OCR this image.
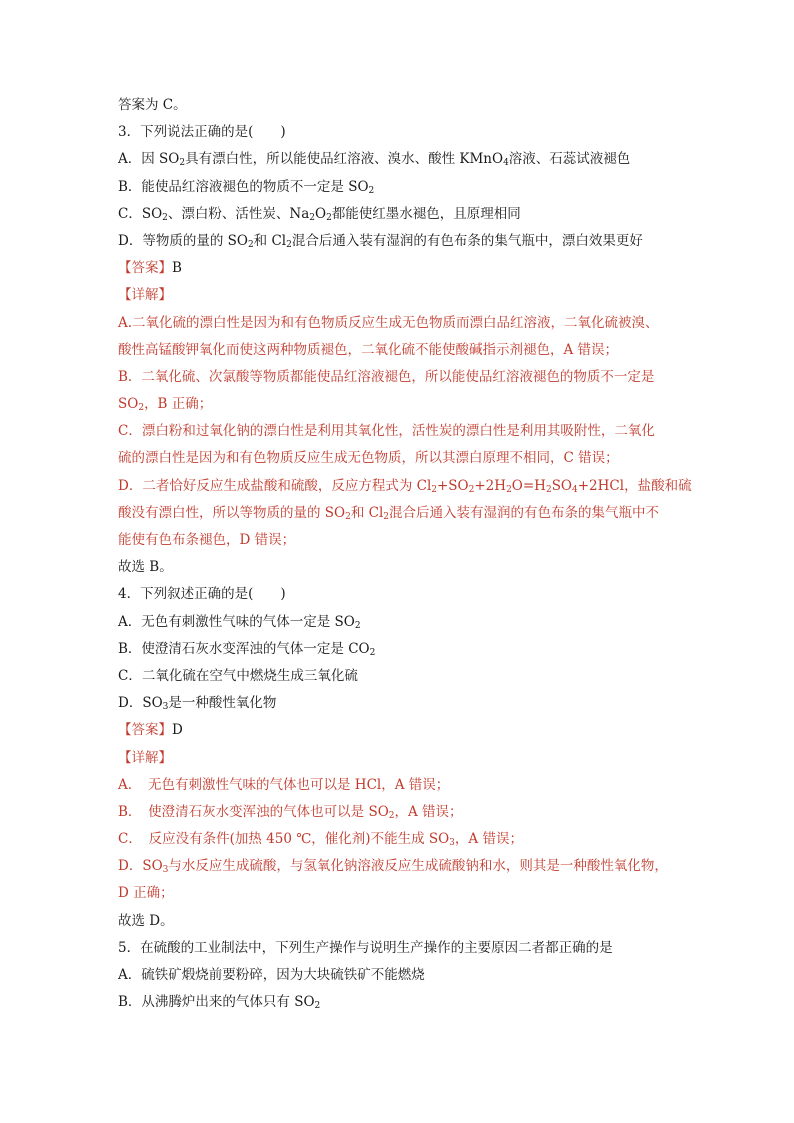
答案为 C。
3．下列说法正确的是(　　)
A．因 $SO_2$具有漂白性，所以能使品红溶液、溴水、酸性 KMnO$_4$溶液、石蕊试液褪色
B．能使品红溶液褪色的物质不一定是 $SO_2$
C．$SO_2$、漂白粉、活性炭、$Na_2O_2$都能使红墨水褪色，且原理相同
D．等物质的量的 $SO_2$和 $Cl_2$混合后通入装有湿润的有色布条的集气瓶中，漂白效果更好
【答案】B
【详解】
A.二氧化硫的漂白性是因为和有色物质反应生成无色物质而漂白品红溶液，二氧化硫被溴、
酸性高锰酸钾氧化而使这两种物质褪色，二氧化硫不能使酸碱指示剂褪色，A 错误；
B．二氧化硫、次氯酸等物质都能使品红溶液褪色，所以能使品红溶液褪色的物质不一定是
$SO_2$，B 正确；
C．漂白粉和过氧化钠的漂白性是利用其氧化性，活性炭的漂白性是利用其吸附性，二氧化
硫的漂白性是因为和有色物质反应生成无色物质，所以其漂白原理不相同，C 错误；
D．二者恰好反应生成盐酸和硫酸，反应方程式为 $Cl_2+SO_2+2H_2O=H_2SO_4+2HCl$，盐酸和硫
酸没有漂白性，所以等物质的量的 $SO_2$和 $Cl_2$混合后通入装有湿润的有色布条的集气瓶中不
能使有色布条褪色，D 错误；
故选 B。
4．下列叙述正确的是(　　)
A．无色有刺激性气味的气体一定是 $SO_2$
B．使澄清石灰水变浑浊的气体一定是 $CO_2$
C．二氧化硫在空气中燃烧生成三氧化硫
D．$SO_3$是一种酸性氧化物
【答案】D
【详解】
A．　无色有刺激性气味的气体也可以是 HCl，A 错误；
B．　使澄清石灰水变浑浊的气体也可以是 $SO_2$，A 错误；
C．　反应没有条件(加热 450 ℃，催化剂)不能生成 $SO_3$，A 错误；
D．$SO_3$与水反应生成硫酸，与氢氧化钠溶液反应生成硫酸钠和水，则其是一种酸性氧化物，
D 正确；
故选 D。
5．在硫酸的工业制法中，下列生产操作与说明生产操作的主要原因二者都正确的是
A．硫铁矿煅烧前要粉碎，因为大块硫铁矿不能燃烧
B．从沸腾炉出来的气体只有 $SO_2$
